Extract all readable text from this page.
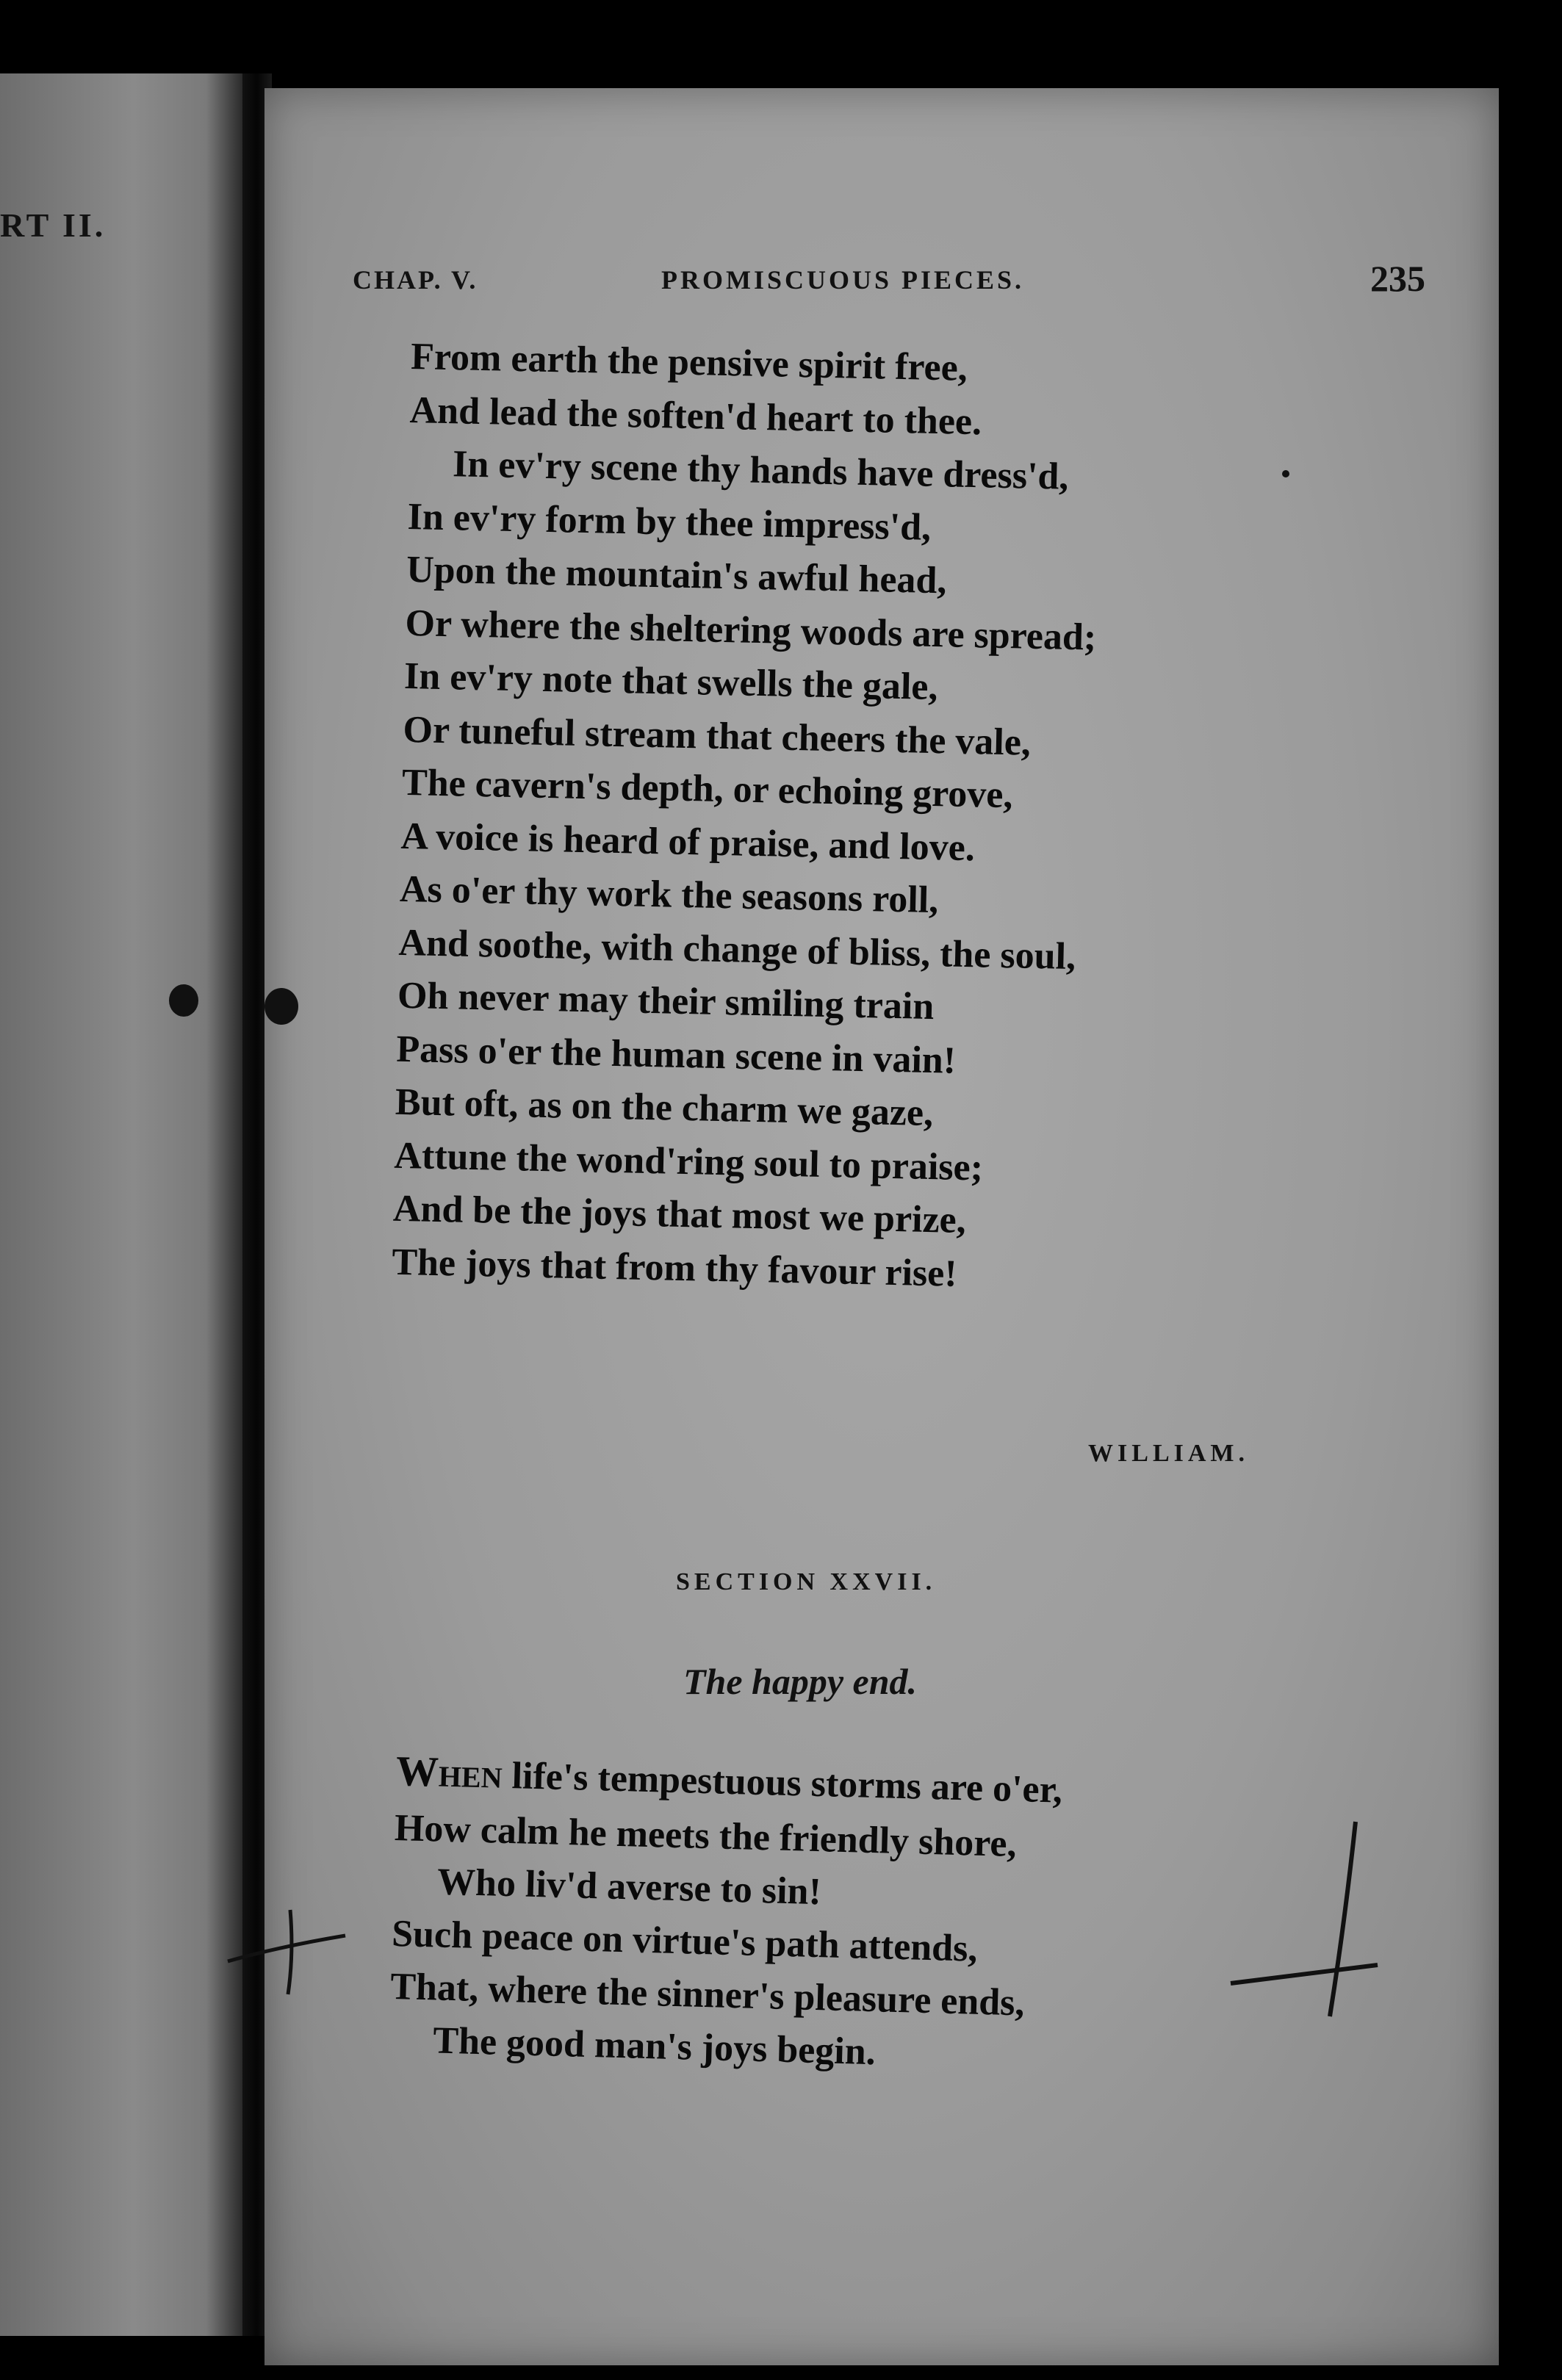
RT II.
CHAP. V.	PROMISCUOUS PIECES.	235
From earth the pensive spirit free,
And lead the soften'd heart to thee.
In ev'ry scene thy hands have dress'd,
In ev'ry form by thee impress'd,
Upon the mountain's awful head,
Or where the sheltering woods are spread;
In ev'ry note that swells the gale,
Or tuneful stream that cheers the vale,
The cavern's depth, or echoing grove,
A voice is heard of praise, and love.
As o'er thy work the seasons roll,
And soothe, with change of bliss, the soul,
Oh never may their smiling train
Pass o'er the human scene in vain!
But oft, as on the charm we gaze,
Attune the wond'ring soul to praise;
And be the joys that most we prize,
The joys that from thy favour rise!
WILLIAM.
SECTION XXVII.
The happy end.
WHEN life's tempestuous storms are o'er,
How calm he meets the friendly shore,
Who liv'd averse to sin!
Such peace on virtue's path attends,
That, where the sinner's pleasure ends,
The good man's joys begin.
